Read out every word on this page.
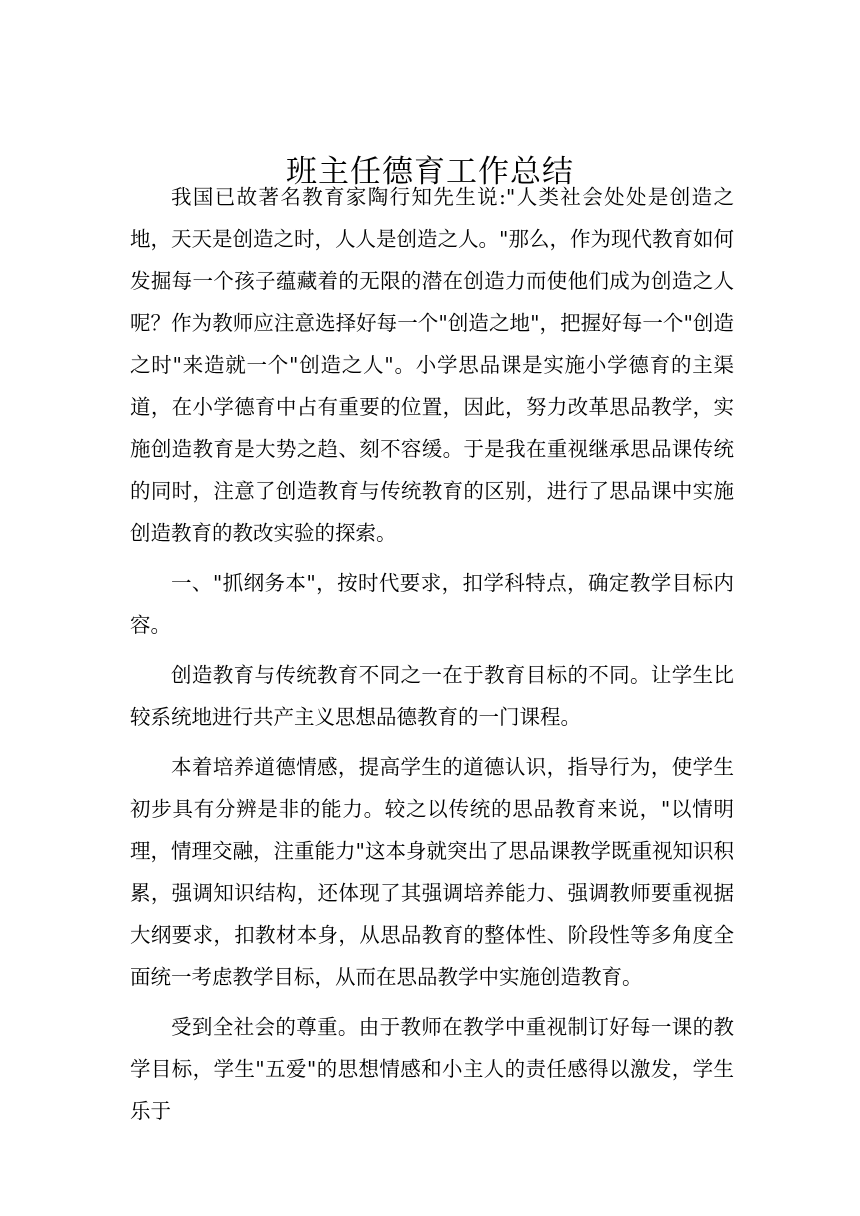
班主任德育工作总结

我国已故著名教育家陶行知先生说:"人类社会处处是创造之地，天天是创造之时，人人是创造之人。"那么，作为现代教育如何发掘每一个孩子蕴藏着的无限的潜在创造力而使他们成为创造之人呢？作为教师应注意选择好每一个"创造之地"，把握好每一个"创造之时"来造就一个"创造之人"。小学思品课是实施小学德育的主渠道，在小学德育中占有重要的位置，因此，努力改革思品教学，实施创造教育是大势之趋、刻不容缓。于是我在重视继承思品课传统的同时，注意了创造教育与传统教育的区别，进行了思品课中实施创造教育的教改实验的探索。

一、"抓纲务本"，按时代要求，扣学科特点，确定教学目标内容。

创造教育与传统教育不同之一在于教育目标的不同。让学生比较系统地进行共产主义思想品德教育的一门课程。

本着培养道德情感，提高学生的道德认识，指导行为，使学生初步具有分辨是非的能力。较之以传统的思品教育来说，"以情明理，情理交融，注重能力"这本身就突出了思品课教学既重视知识积累，强调知识结构，还体现了其强调培养能力、强调教师要重视据大纲要求，扣教材本身，从思品教育的整体性、阶段性等多角度全面统一考虑教学目标，从而在思品教学中实施创造教育。

受到全社会的尊重。由于教师在教学中重视制订好每一课的教学目标，学生"五爱"的思想情感和小主人的责任感得以激发，学生乐于
